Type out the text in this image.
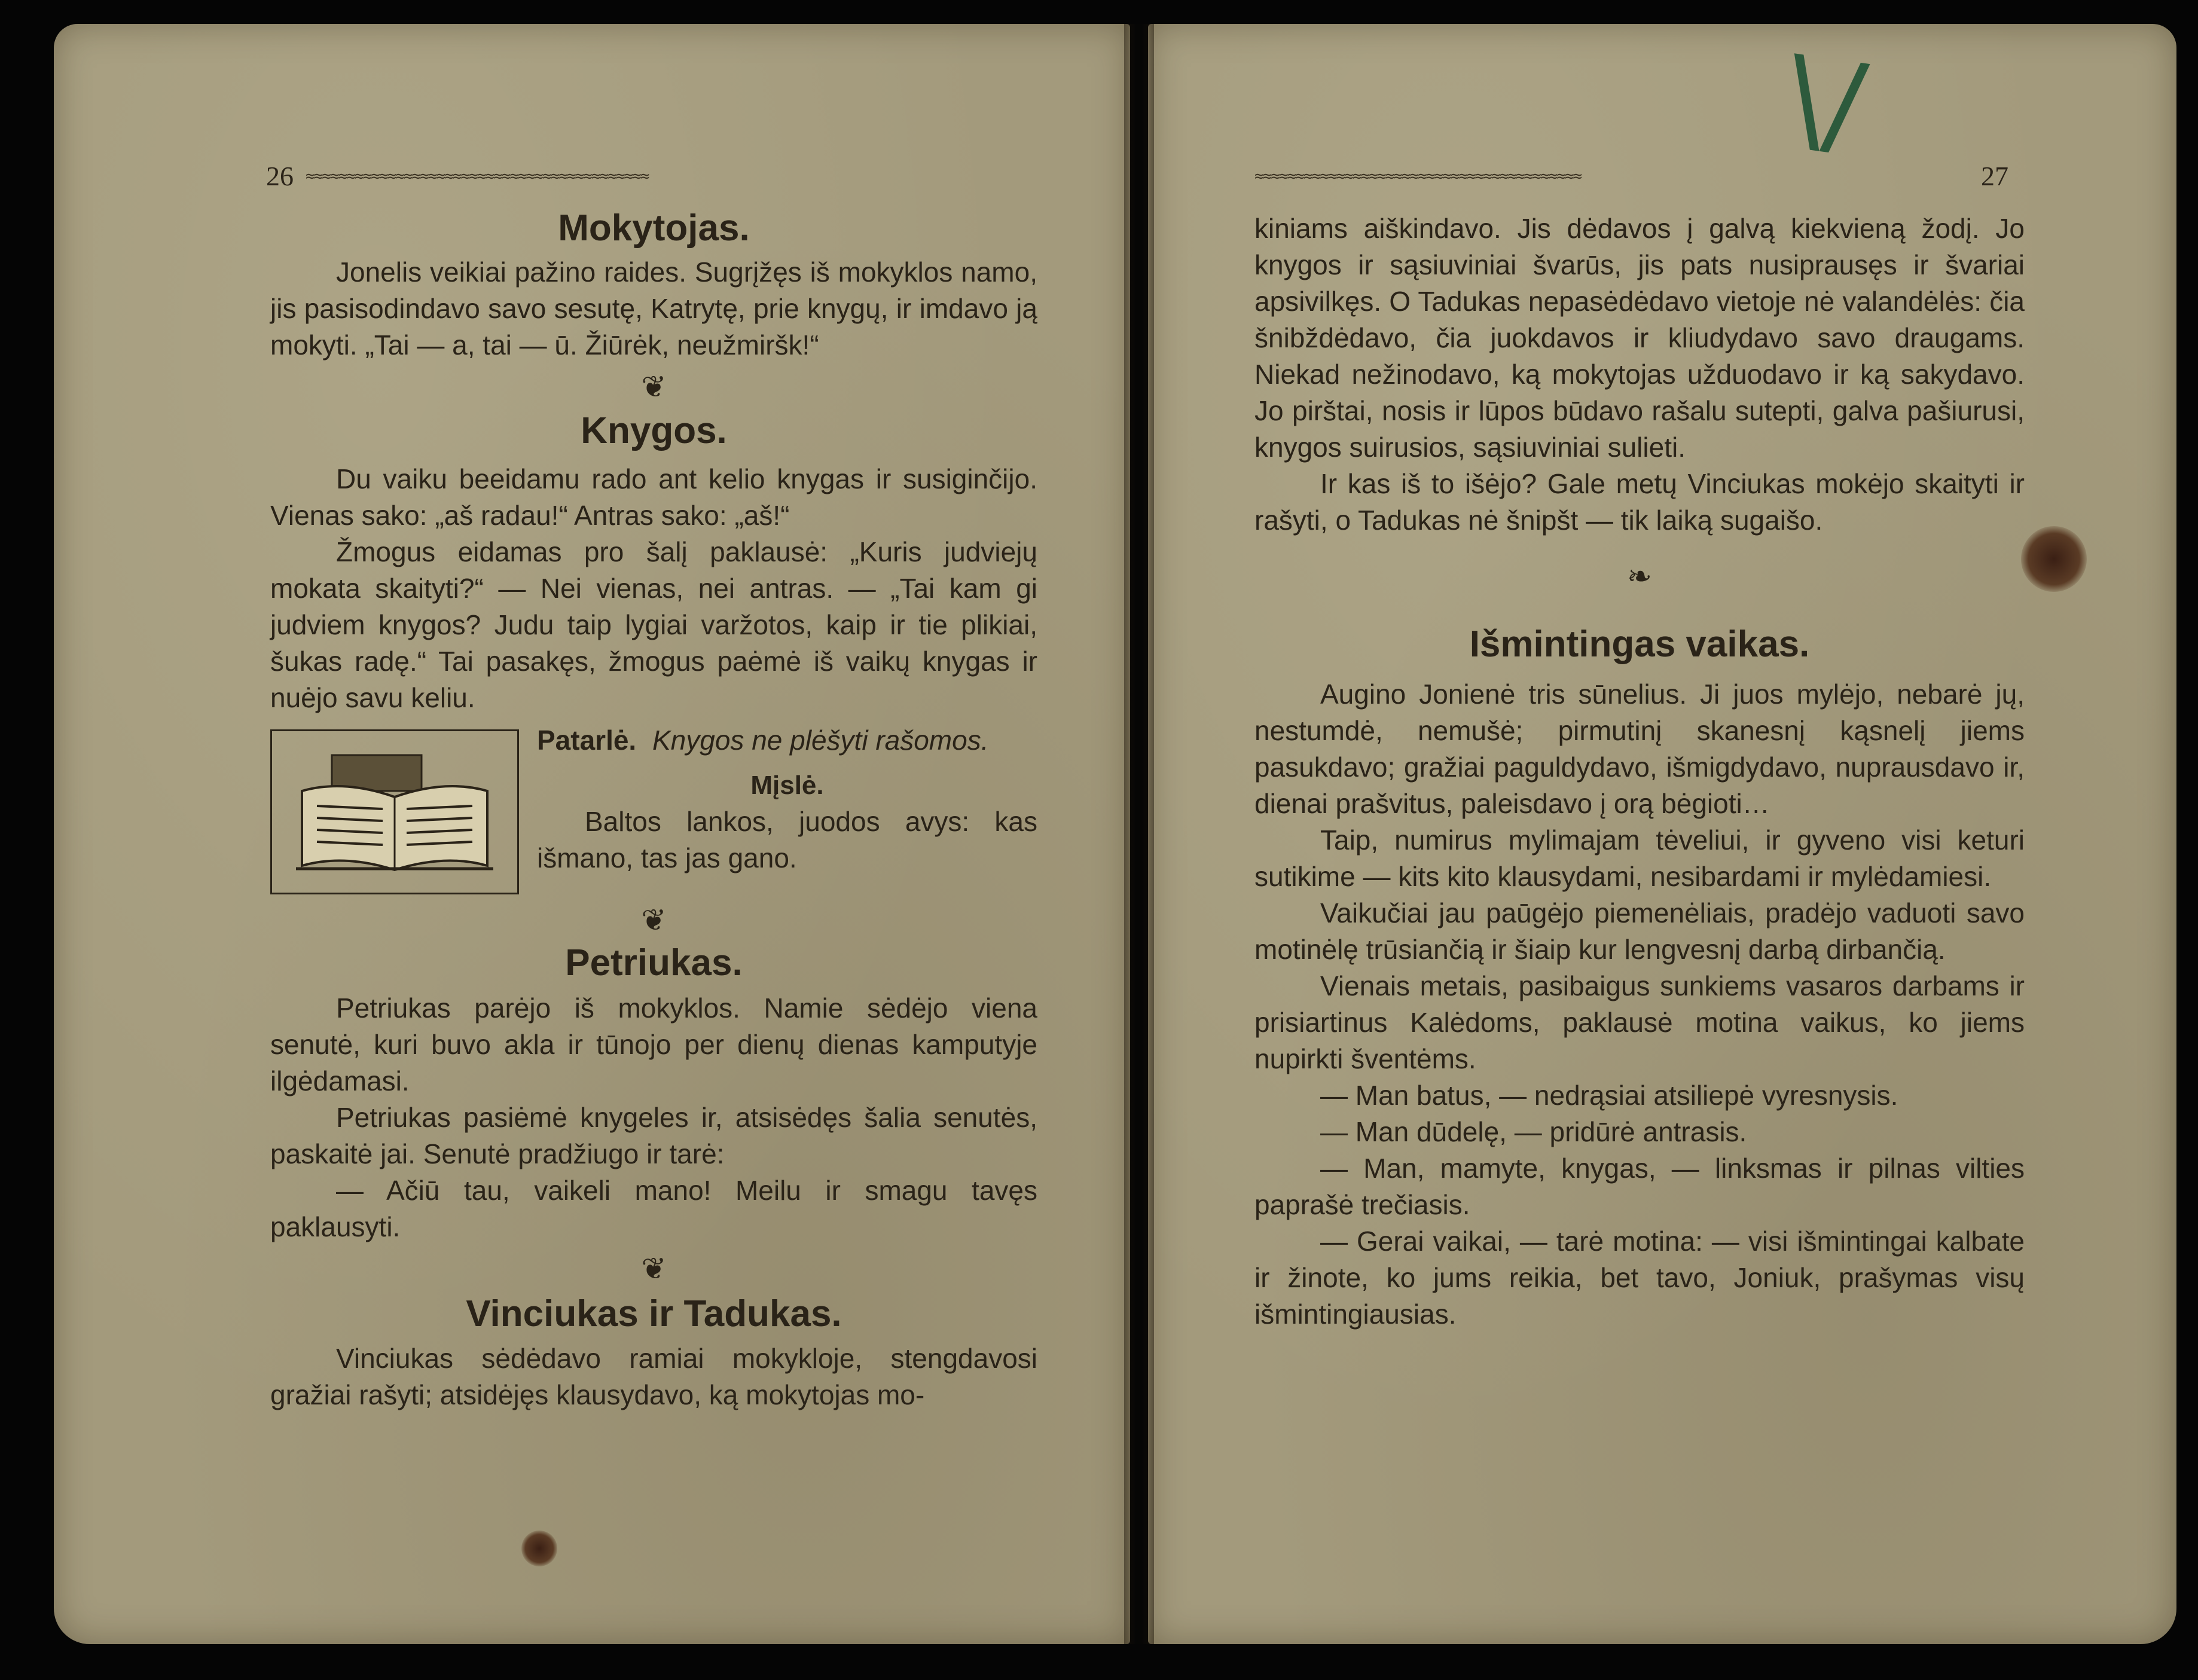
26 ≈≈≈≈≈≈≈≈≈≈≈≈≈≈≈≈≈≈≈≈≈≈≈≈≈≈≈≈≈≈≈≈≈≈≈≈≈≈≈≈≈≈
Mokytojas.

Jonelis veikiai pažino raides. Sugrįžęs iš mokyklos namo, jis pasisodindavo savo sesutę, Katrytę, prie knygų, ir imdavo ją mokyti. „Tai — a, tai — ū. Žiūrėk, neužmiršk!“

❦
Knygos.

Du vaiku beeidamu rado ant kelio knygas ir susiginčijo. Vienas sako: „aš radau!“ Antras sako: „aš!“

Žmogus eidamas pro šalį paklausė: „Kuris judviejų mokata skaityti?“ — Nei vienas, nei antras. — „Tai kam gi judviem knygos? Judu taip lygiai varžotos, kaip ir tie plikiai, šukas radę.“ Tai pasakęs, žmogus paėmė iš vaikų knygas ir nuėjo savu keliu.

Patarlė. Knygos ne plėšyti rašomos.

Mįslė.

Baltos lankos, juodos avys: kas išmano, tas jas gano.

❦
Petriukas.

Petriukas parėjo iš mokyklos. Namie sėdėjo viena senutė, kuri buvo akla ir tūnojo per dienų dienas kamputyje ilgėdamasi.

Petriukas pasiėmė knygeles ir, atsisėdęs šalia senutės, paskaitė jai. Senutė pradžiugo ir tarė:

— Ačiū tau, vaikeli mano! Meilu ir smagu tavęs paklausyti.

❦
Vinciukas ir Tadukas.

Vinciukas sėdėdavo ramiai mokykloje, stengdavosi gražiai rašyti; atsidėjęs klausydavo, ką mokytojas mo-

\/
≈≈≈≈≈≈≈≈≈≈≈≈≈≈≈≈≈≈≈≈≈≈≈≈≈≈≈≈≈≈≈≈≈≈≈≈≈≈≈≈	27

kiniams aiškindavo. Jis dėdavos į galvą kiekvieną žodį. Jo knygos ir sąsiuviniai švarūs, jis pats nusiprausęs ir švariai apsivilkęs. O Tadukas nepasėdėdavo vietoje nė valandėlės: čia šnibždėdavo, čia juokdavos ir kliudydavo savo draugams. Niekad nežinodavo, ką mokytojas užduodavo ir ką sakydavo. Jo pirštai, nosis ir lūpos būdavo rašalu sutepti, galva pašiurusi, knygos suirusios, sąsiuviniai sulieti.

Ir kas iš to išėjo? Gale metų Vinciukas mokėjo skaityti ir rašyti, o Tadukas nė šnipšt — tik laiką sugaišo.

❧
Išmintingas vaikas.

Augino Jonienė tris sūnelius. Ji juos mylėjo, nebarė jų, nestumdė, nemušė; pirmutinį skanesnį kąsnelį jiems pasukdavo; gražiai paguldydavo, išmigdydavo, nuprausdavo ir, dienai prašvitus, paleisdavo į orą bėgioti…

Taip, numirus mylimajam tėveliui, ir gyveno visi keturi sutikime — kits kito klausydami, nesibardami ir mylėdamiesi.

Vaikučiai jau paūgėjo piemenėliais, pradėjo vaduoti savo motinėlę trūsiančią ir šiaip kur lengvesnį darbą dirbančią.

Vienais metais, pasibaigus sunkiems vasaros darbams ir prisiartinus Kalėdoms, paklausė motina vaikus, ko jiems nupirkti šventėms.

— Man batus, — nedrąsiai atsiliepė vyresnysis.

— Man dūdelę, — pridūrė antrasis.

— Man, mamyte, knygas, — linksmas ir pilnas vilties paprašė trečiasis.

— Gerai vaikai, — tarė motina: — visi išmintingai kalbate ir žinote, ko jums reikia, bet tavo, Joniuk, prašymas visų išmintingiausias.
